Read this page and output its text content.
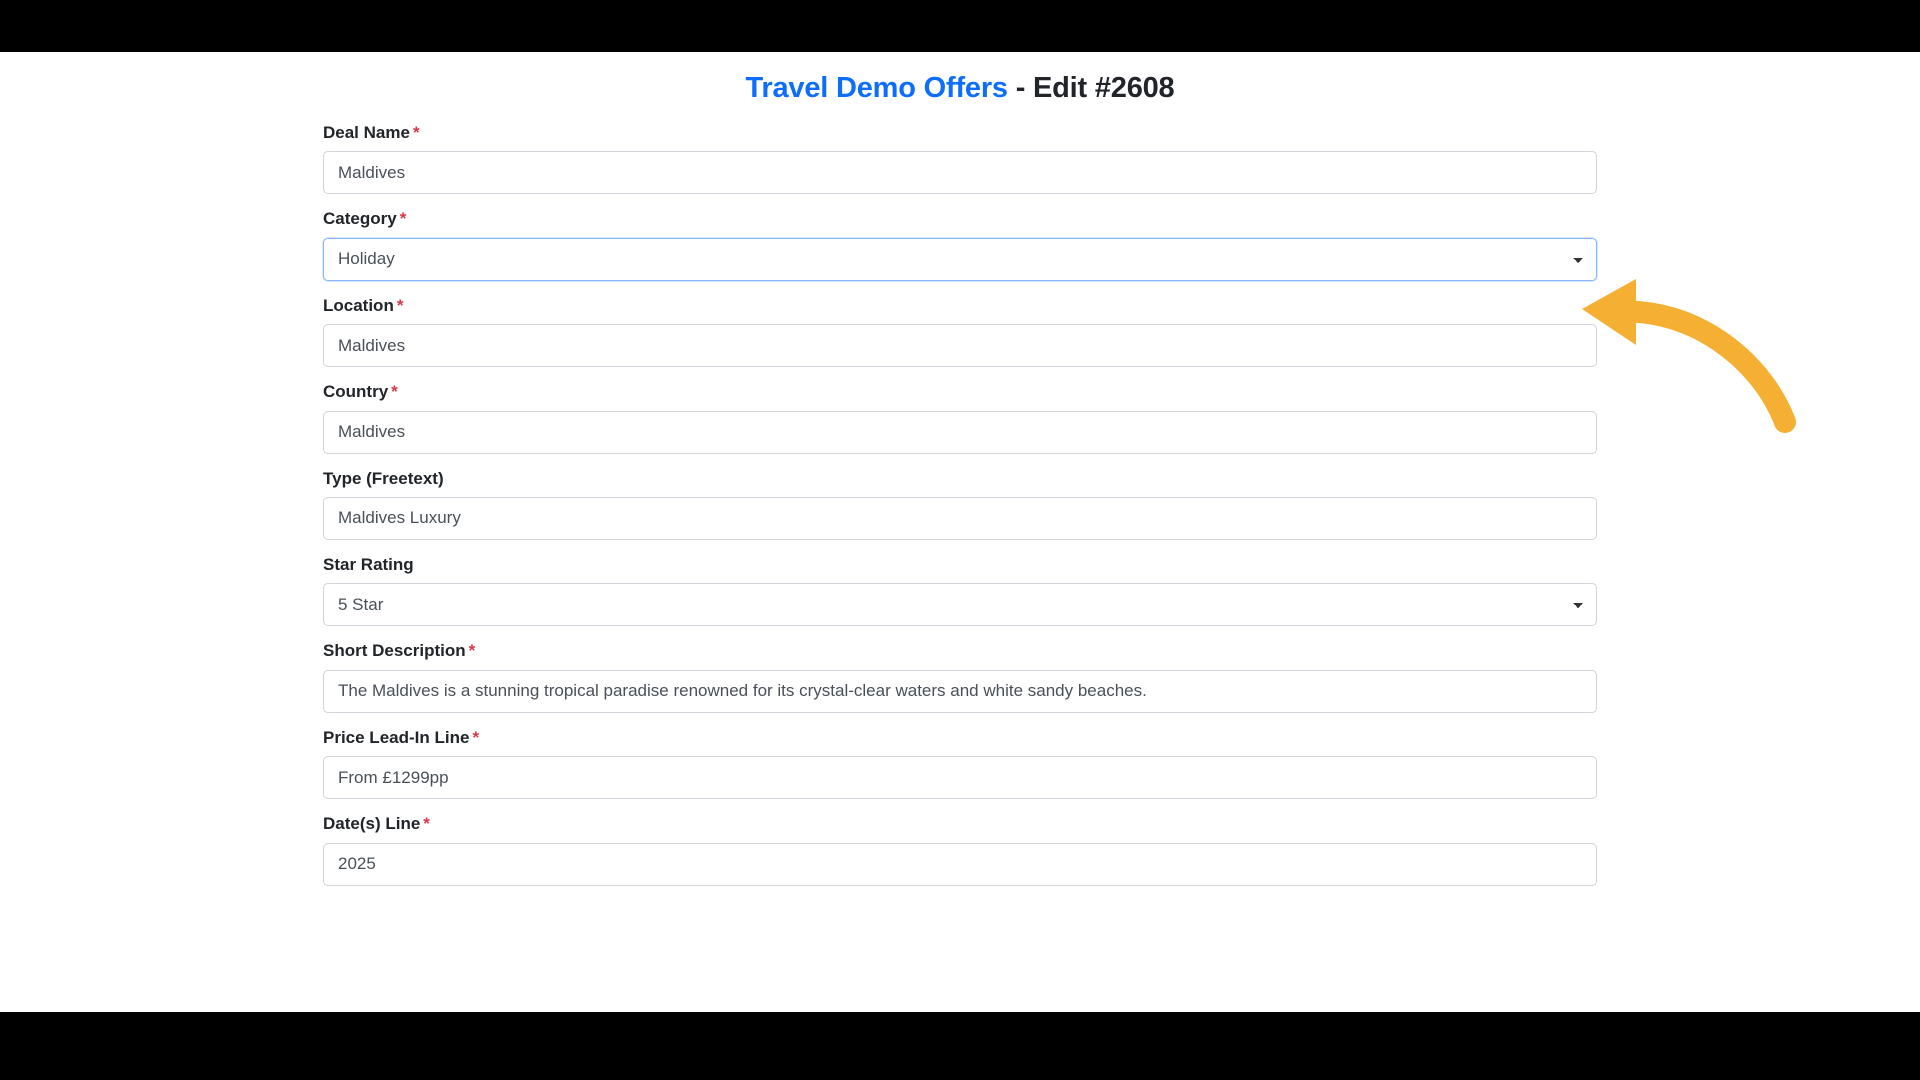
Travel Demo Offers - Edit #2608
Deal Name *
Maldives
Category *
Holiday
Location *
Maldives
Country *
Maldives
Type (Freetext)
Maldives Luxury
Star Rating
5 Star
Short Description *
The Maldives is a stunning tropical paradise renowned for its crystal-clear waters and white sandy beaches.
Price Lead-In Line *
From £1299pp
Date(s) Line *
2025
